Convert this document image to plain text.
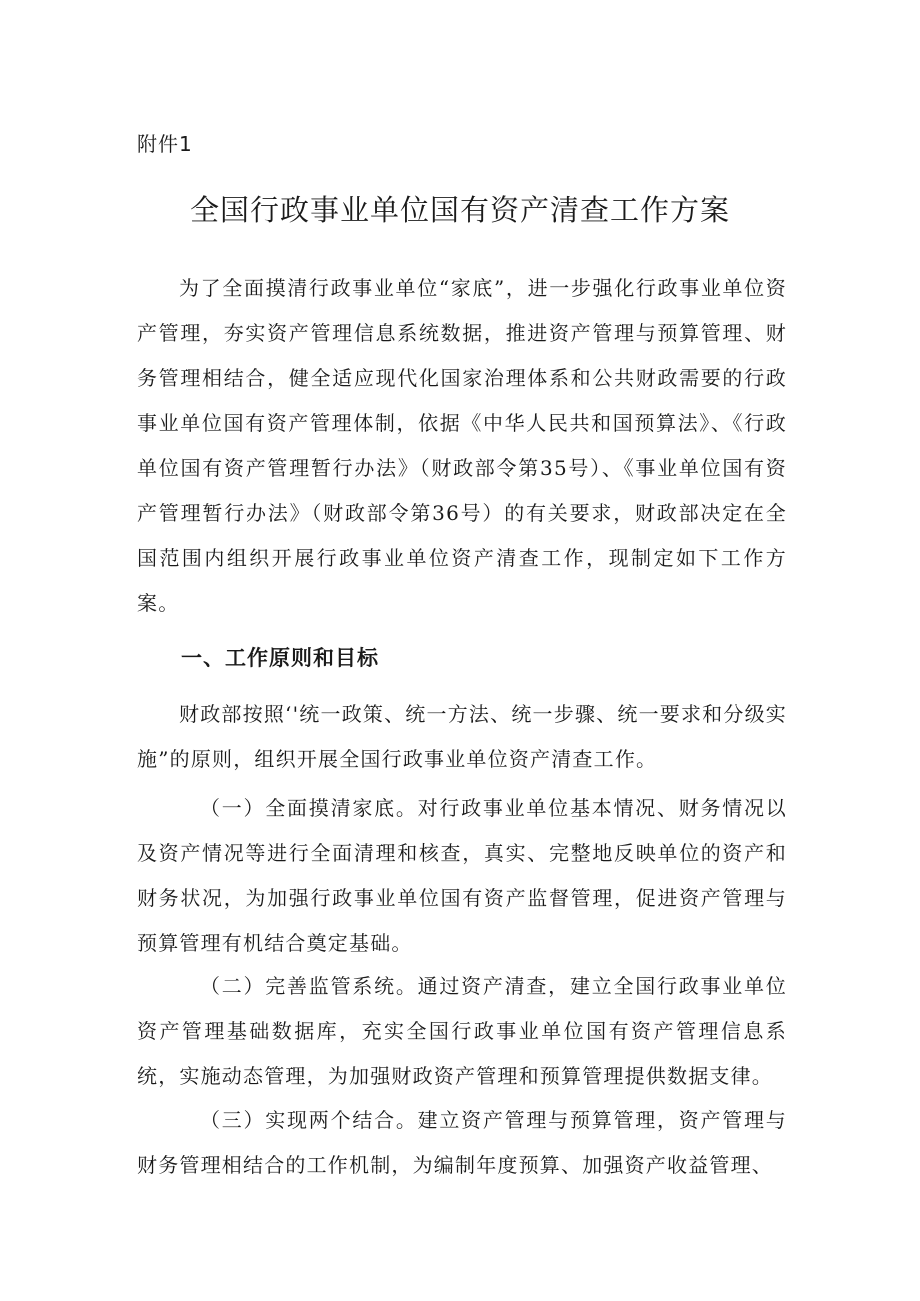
附件1
全国行政事业单位国有资产清查工作方案

为了全面摸清行政事业单位“家底”，进一步强化行政事业单位资产管理，夯实资产管理信息系统数据，推进资产管理与预算管理、财务管理相结合，健全适应现代化国家治理体系和公共财政需要的行政事业单位国有资产管理体制，依据《中华人民共和国预算法》、《行政单位国有资产管理暂行办法》（财政部令第35号）、《事业单位国有资产管理暂行办法》（财政部令第36号）的有关要求，财政部决定在全国范围内组织开展行政事业单位资产清查工作，现制定如下工作方案。

一、工作原则和目标

财政部按照‘'统一政策、统一方法、统一步骤、统一要求和分级实施”的原则，组织开展全国行政事业单位资产清查工作。

（一）全面摸清家底。对行政事业单位基本情况、财务情况以及资产情况等进行全面清理和核查，真实、完整地反映单位的资产和财务状况，为加强行政事业单位国有资产监督管理，促进资产管理与预算管理有机结合奠定基础。

（二）完善监管系统。通过资产清查，建立全国行政事业单位资产管理基础数据库，充实全国行政事业单位国有资产管理信息系统，实施动态管理，为加强财政资产管理和预算管理提供数据支律。

（三）实现两个结合。建立资产管理与预算管理，资产管理与财务管理相结合的工作机制，为编制年度预算、加强资产收益管理、
